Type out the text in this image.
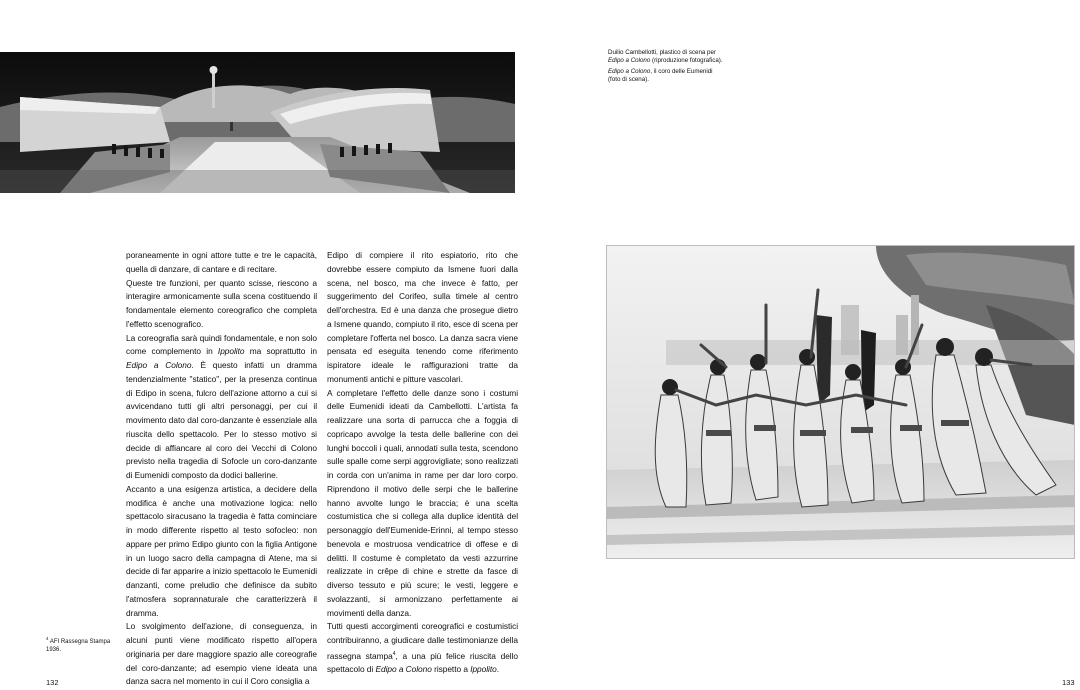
Duilio Cambellotti, plastico di scena per
Edipo a Colono (riproduzione fotografica).

Edipo a Colono, il coro delle Eumenidi
(foto di scena).

poraneamente in ogni attore tutte e tre le capacità, quella di danzare, di cantare e di recitare.

Queste tre funzioni, per quanto scisse, riescono a interagire armonicamente sulla scena costituendo il fondamentale elemento coreografico che completa l'effetto scenografico.

La coreografia sarà quindi fondamentale, e non solo come complemento in Ippolito ma soprattutto in Edipo a Colono. È questo infatti un dramma tendenzialmente "statico", per la presenza continua di Edipo in scena, fulcro dell'azione attorno a cui si avvicendano tutti gli altri personaggi, per cui il movimento dato dal coro-danzante è essenziale alla riuscita dello spettacolo. Per lo stesso motivo si decide di affiancare al coro dei Vecchi di Colono previsto nella tragedia di Sofocle un coro-danzante di Eumenidi composto da dodici ballerine.

Accanto a una esigenza artistica, a decidere della modifica è anche una motivazione logica: nello spettacolo siracusano la tragedia è fatta cominciare in modo differente rispetto al testo sofocleo: non appare per primo Edipo giunto con la figlia Antigone in un luogo sacro della campagna di Atene, ma si decide di far apparire a inizio spettacolo le Eumenidi danzanti, come preludio che definisce da subito l'atmosfera soprannaturale che caratterizzerà il dramma.

Lo svolgimento dell'azione, di conseguenza, in alcuni punti viene modificato rispetto all'opera originaria per dare maggiore spazio alle coreografie del coro-danzante; ad esempio viene ideata una danza sacra nel momento in cui il Coro consiglia a

Edipo di compiere il rito espiatorio, rito che dovrebbe essere compiuto da Ismene fuori dalla scena, nel bosco, ma che invece è fatto, per suggerimento del Corifeo, sulla timele al centro dell'orchestra. Ed è una danza che prosegue dietro a Ismene quando, compiuto il rito, esce di scena per completare l'offerta nel bosco. La danza sacra viene pensata ed eseguita tenendo come riferimento ispiratore ideale le raffigurazioni tratte da monumenti antichi e pitture vascolari.

A completare l'effetto delle danze sono i costumi delle Eumenidi ideati da Cambellotti. L'artista fa realizzare una sorta di parrucca che a foggia di copricapo avvolge la testa delle ballerine con dei lunghi boccoli i quali, annodati sulla testa, scendono sulle spalle come serpi aggrovigliate; sono realizzati in corda con un'anima in rame per dar loro corpo. Riprendono il motivo delle serpi che le ballerine hanno avvolte lungo le braccia; è una scelta costumistica che si collega alla duplice identità del personaggio dell'Eumenide-Erinni, al tempo stesso benevola e mostruosa vendicatrice di offese e di delitti. Il costume è completato da vesti azzurrine realizzate in crêpe di chine e strette da fasce di diverso tessuto e più scure; le vesti, leggere e svolazzanti, si armonizzano perfettamente ai movimenti della danza.

Tutti questi accorgimenti coreografici e costumistici contribuiranno, a giudicare dalle testimonianze della rassegna stampa$^4$, a una più felice riuscita dello spettacolo di Edipo a Colono rispetto a Ippolito.

$^4$ AFI Rassegna Stampa 1936.
132	133
